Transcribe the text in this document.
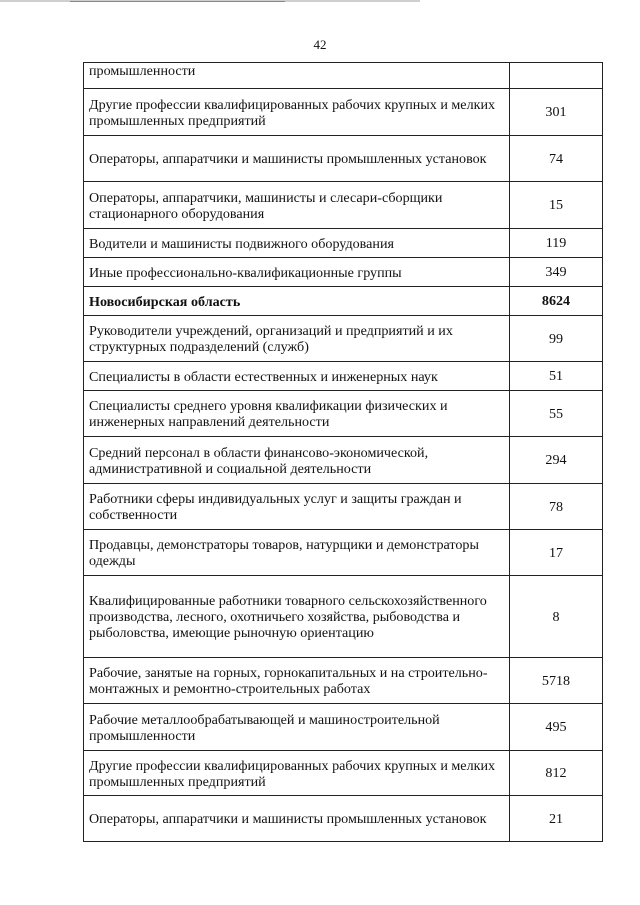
42
промышленности	
Другие профессии квалифицированных рабочих крупных и мелких промышленных предприятий	301
Операторы, аппаратчики и машинисты промышленных установок	74
Операторы, аппаратчики, машинисты и слесари-сборщики стационарного оборудования	15
Водители и машинисты подвижного оборудования	119
Иные профессионально-квалификационные группы	349
Новосибирская область	8624
Руководители учреждений, организаций и предприятий и их структурных подразделений (служб)	99
Специалисты в области естественных и инженерных наук	51
Специалисты среднего уровня квалификации физических и инженерных направлений деятельности	55
Средний персонал в области финансово-экономической, административной и социальной деятельности	294
Работники сферы индивидуальных услуг и защиты граждан и собственности	78
Продавцы, демонстраторы товаров, натурщики и демонстраторы одежды	17
Квалифицированные работники товарного сельскохозяйственного производства, лесного, охотничьего хозяйства, рыбоводства и рыболовства, имеющие рыночную ориентацию	8
Рабочие, занятые на горных, горнокапитальных и на строительно-монтажных и ремонтно-строительных работах	5718
Рабочие металлообрабатывающей и машиностроительной промышленности	495
Другие профессии квалифицированных рабочих крупных и мелких промышленных предприятий	812
Операторы, аппаратчики и машинисты промышленных установок	21
